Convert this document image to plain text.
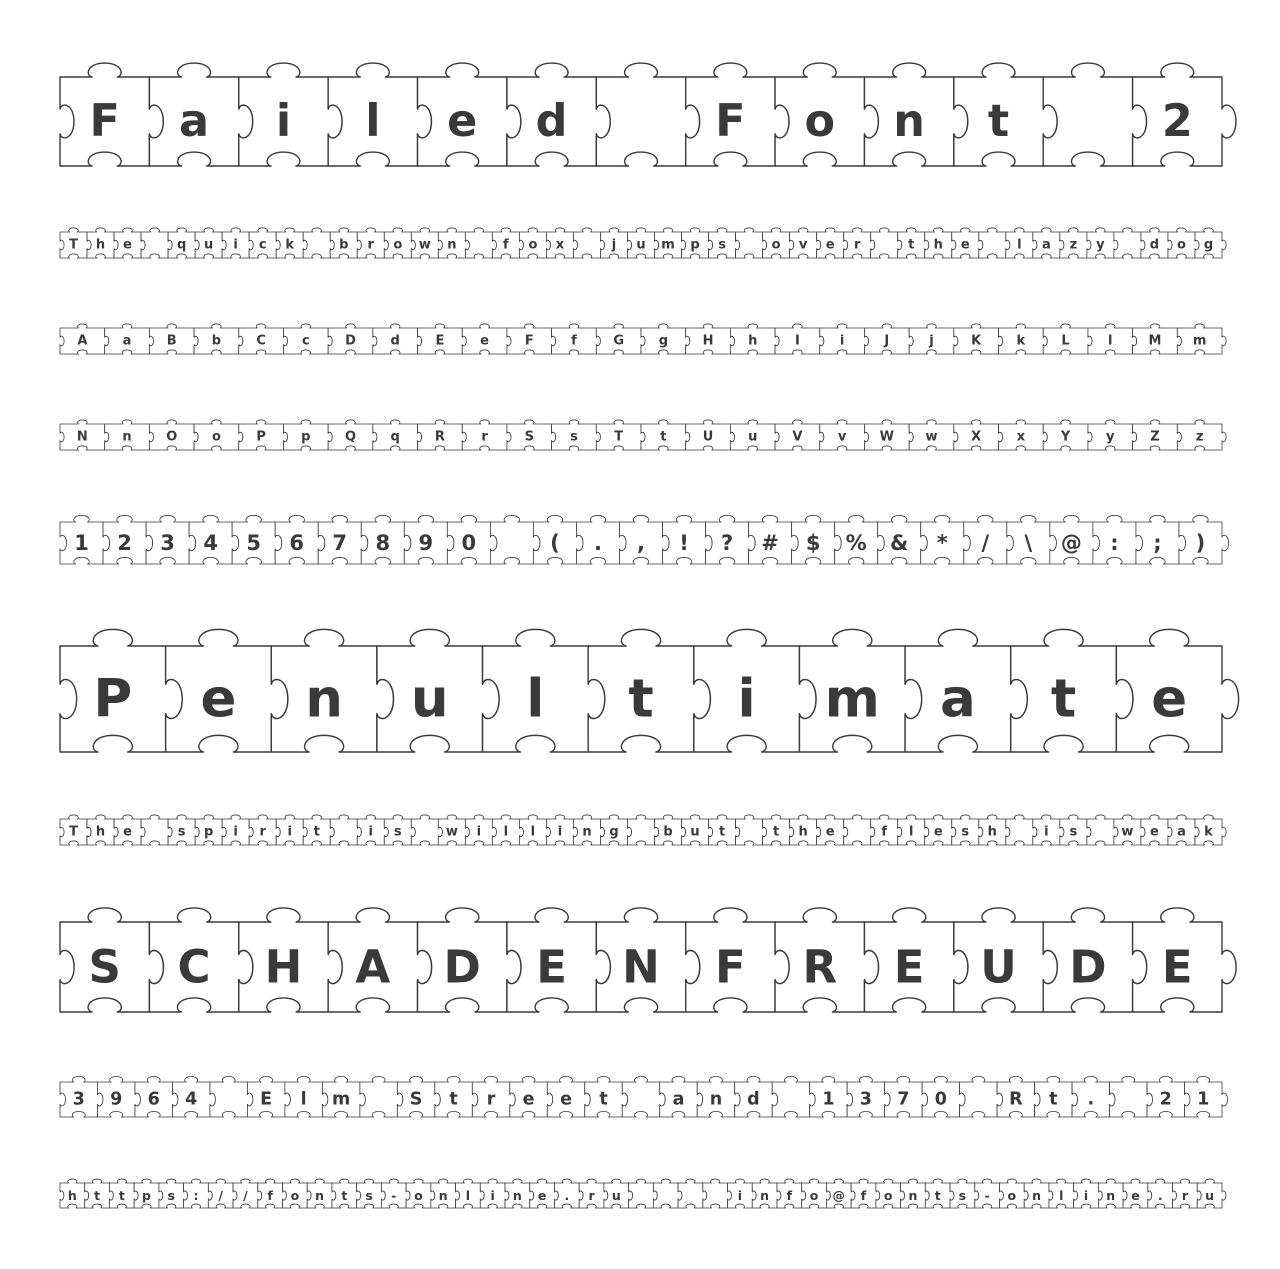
F a i l e d	F o n t	2
T h e	q u i c k	b r o w n	f o x	j u m p s	o v e r	t h e	l a z y	d o g
A	a	B	b	C	c	D	d	E	e	F	f	G	g	H	h	I	i	J	j	K	k	L	l	M m
N	n	O	o	P	p	Q	q	R	r	S	s	T	t	U	u	V	v	W w	X	x	Y	y	Z	z
1 2 3 4 5 6 7 8 9 0	( . , ! ? # $ % & * / \ @ : ; )
P e n u l t i m a t e
T h e	s p i r i t	i s	w i l l i n g	b u t	t h e	f l e s h	i s	w e a k
S C H A D E N F R E U D E
3 9 6 4	E l m	S t r e e t	a n d	1 3 7 0	R t .	2 1
h t t p s : / / f o n t s - o n l i n e . r u	i n f o @ f o n t s - o n l i n e . r u
